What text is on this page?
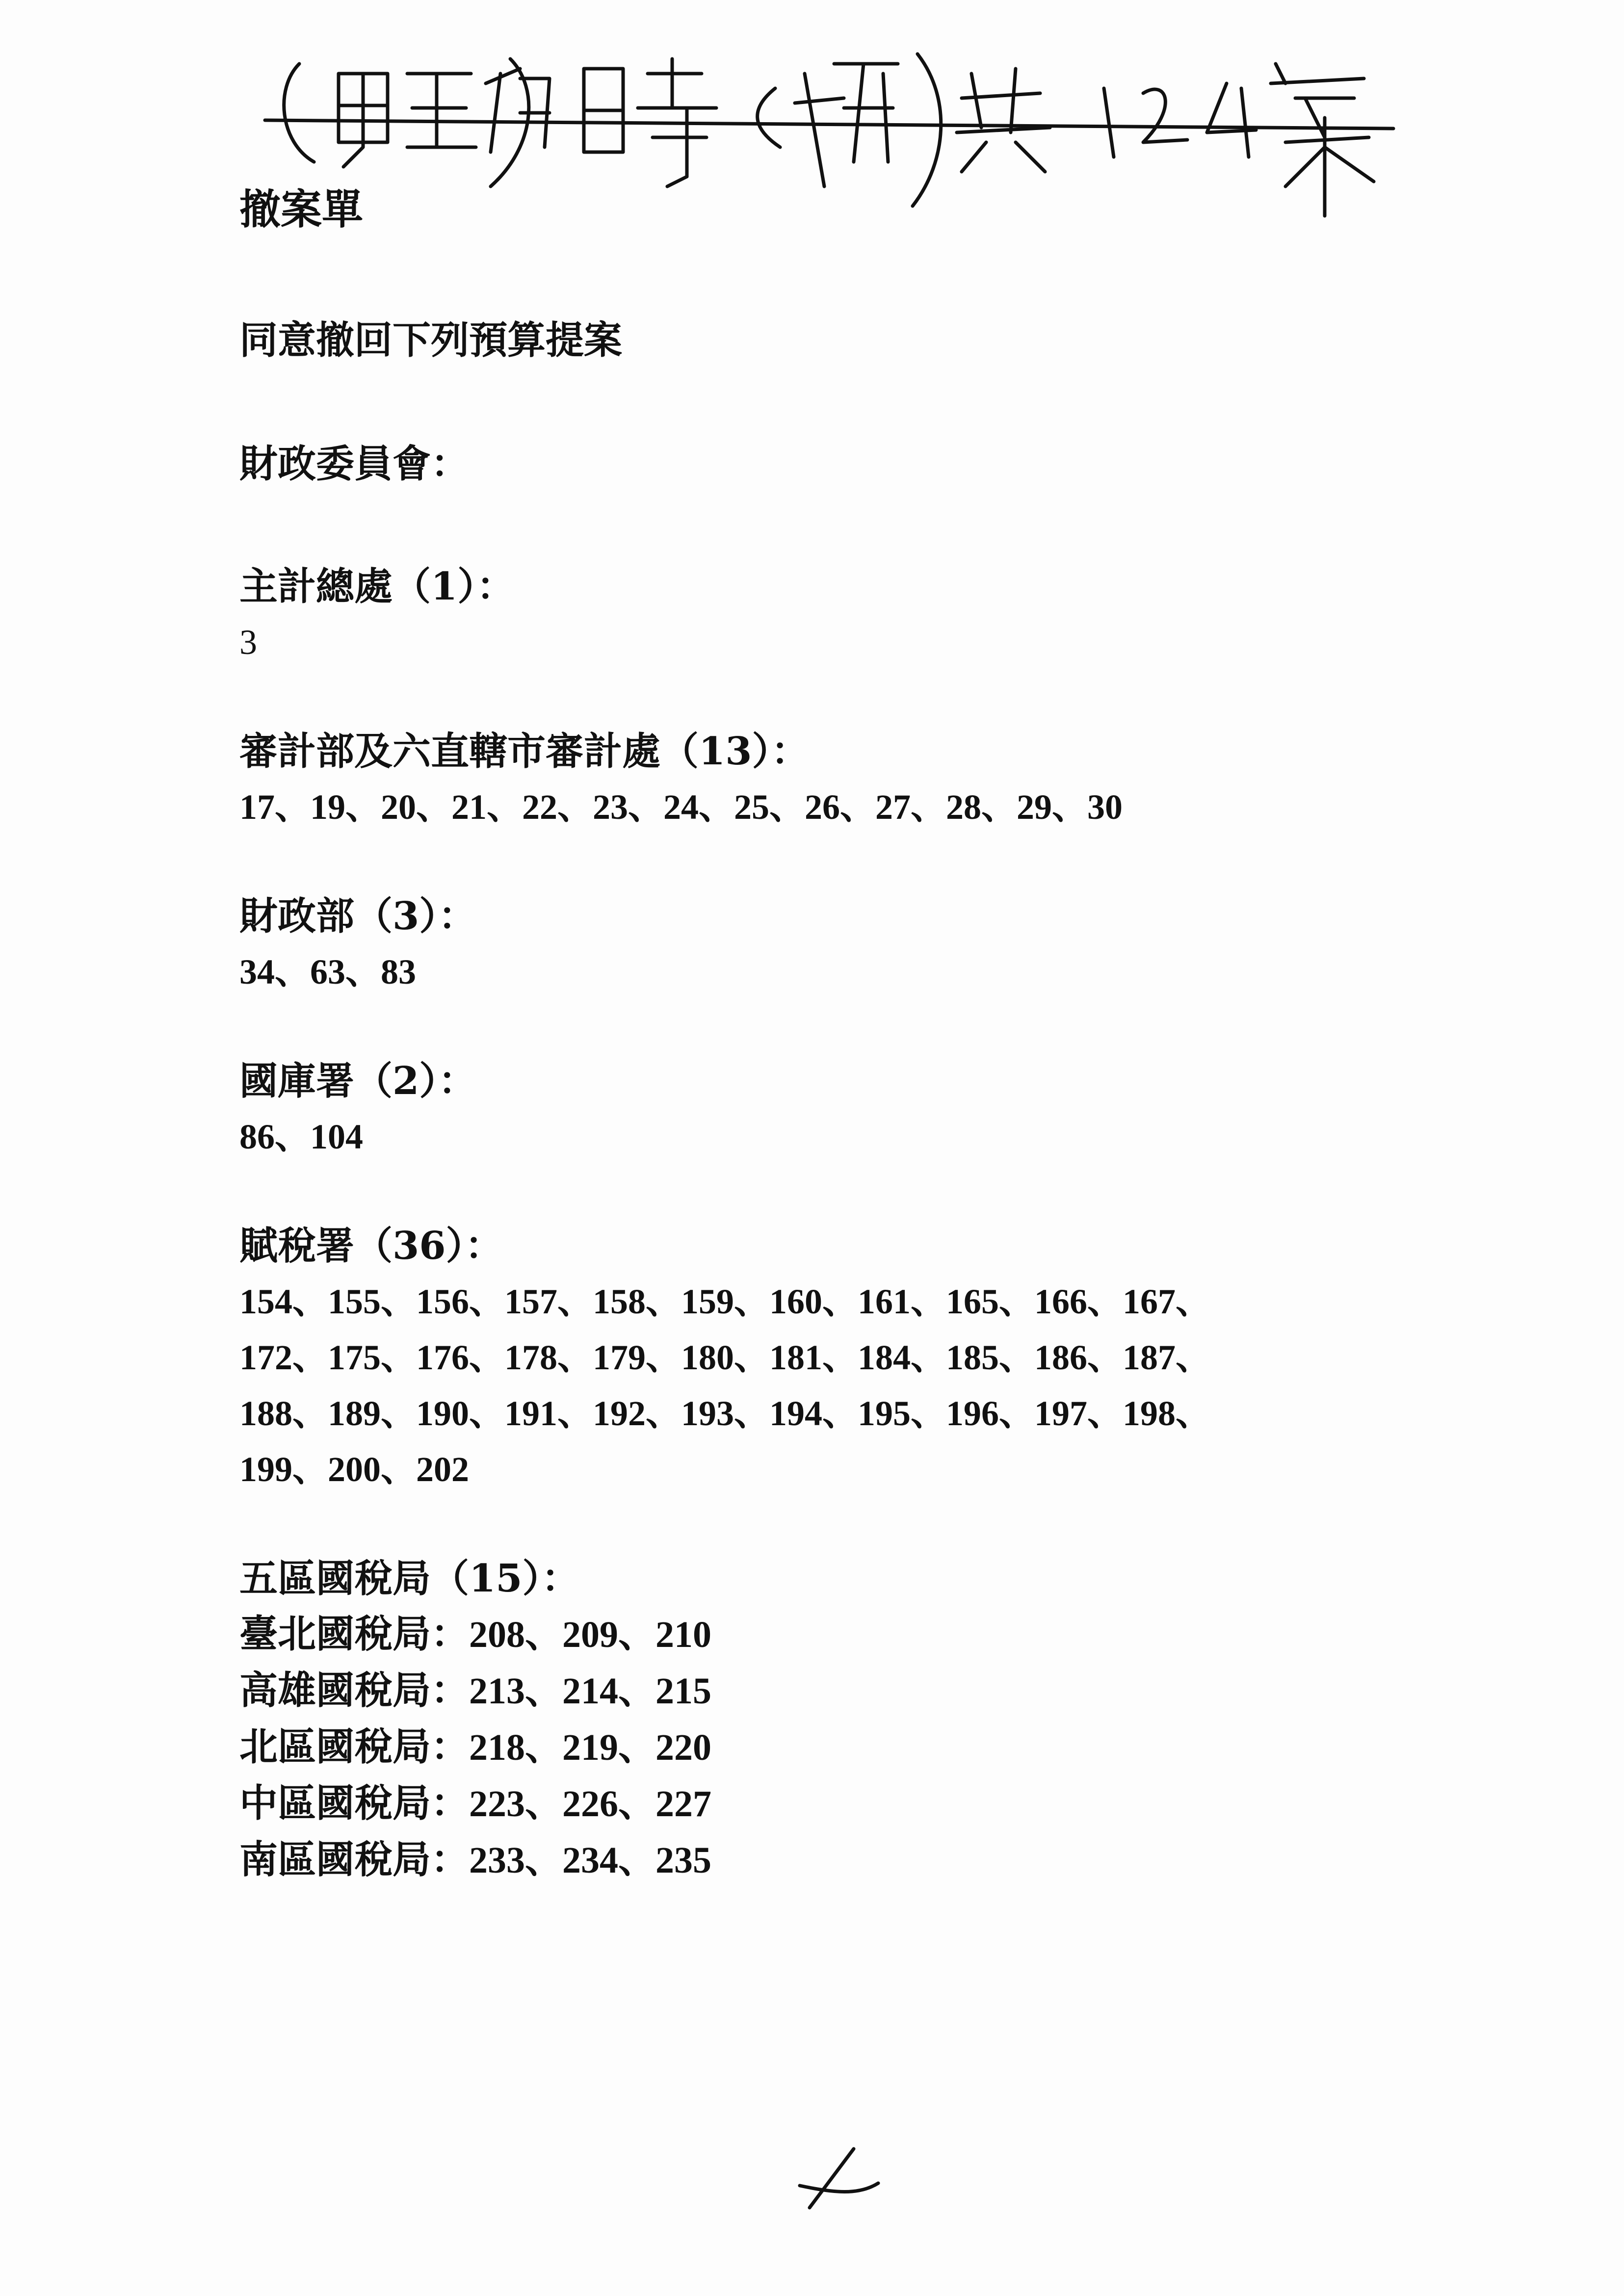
撤案單
同意撤回下列預算提案
財政委員會：
主計總處（1）：
3
審計部及六直轄市審計處（13）：
17、19、20、21、22、23、24、25、26、27、28、29、30
財政部（3）：
34、63、83
國庫署（2）：
86、104
賦稅署（36）：
154、155、156、157、158、159、160、161、165、166、167、
172、175、176、178、179、180、181、184、185、186、187、
188、189、190、191、192、193、194、195、196、197、198、
199、200、202
五區國稅局（15）：
臺北國稅局：208、209、210
高雄國稅局：213、214、215
北區國稅局：218、219、220
中區國稅局：223、226、227
南區國稅局：233、234、235
